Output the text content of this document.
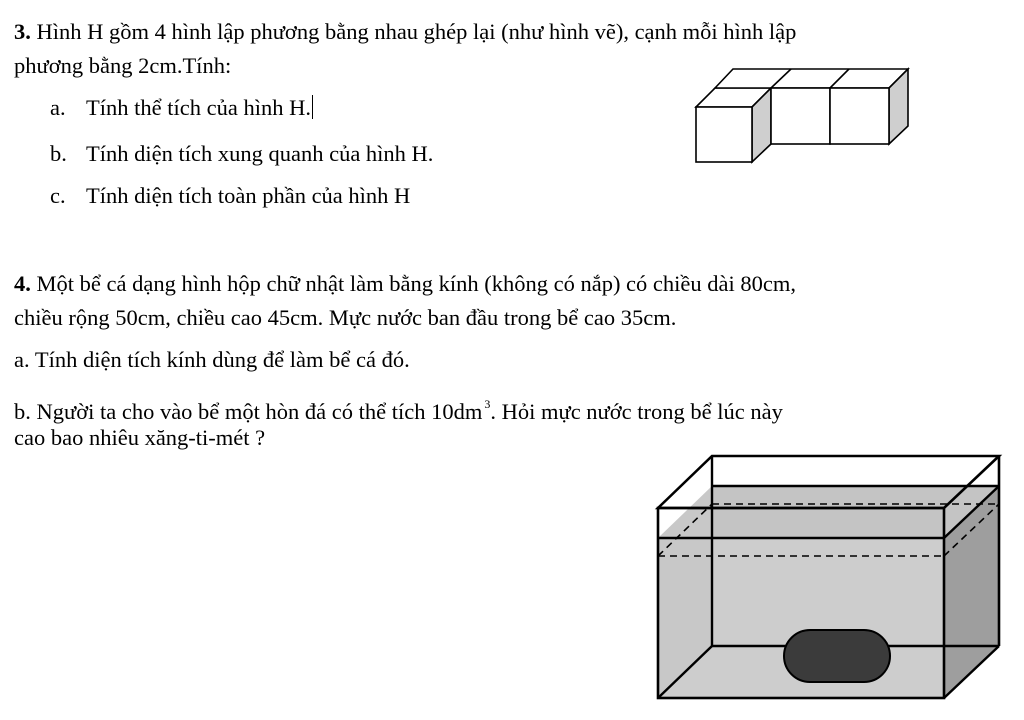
3. Hình H gồm 4 hình lập phương bằng nhau ghép lại (như hình vẽ), cạnh mỗi hình lập
phương bằng 2cm.Tính:
a. Tính thể tích của hình H.
b. Tính diện tích xung quanh của hình H.
c. Tính diện tích toàn phần của hình H
4. Một bể cá dạng hình hộp chữ nhật làm bằng kính (không có nắp) có chiều dài 80cm,
chiều rộng 50cm, chiều cao 45cm. Mực nước ban đầu trong bể cao 35cm.
a. Tính diện tích kính dùng để làm bể cá đó.
b. Người ta cho vào bể một hòn đá có thể tích 10dm $^3$. Hỏi mực nước trong bể lúc này
cao bao nhiêu xăng-ti-mét ?
